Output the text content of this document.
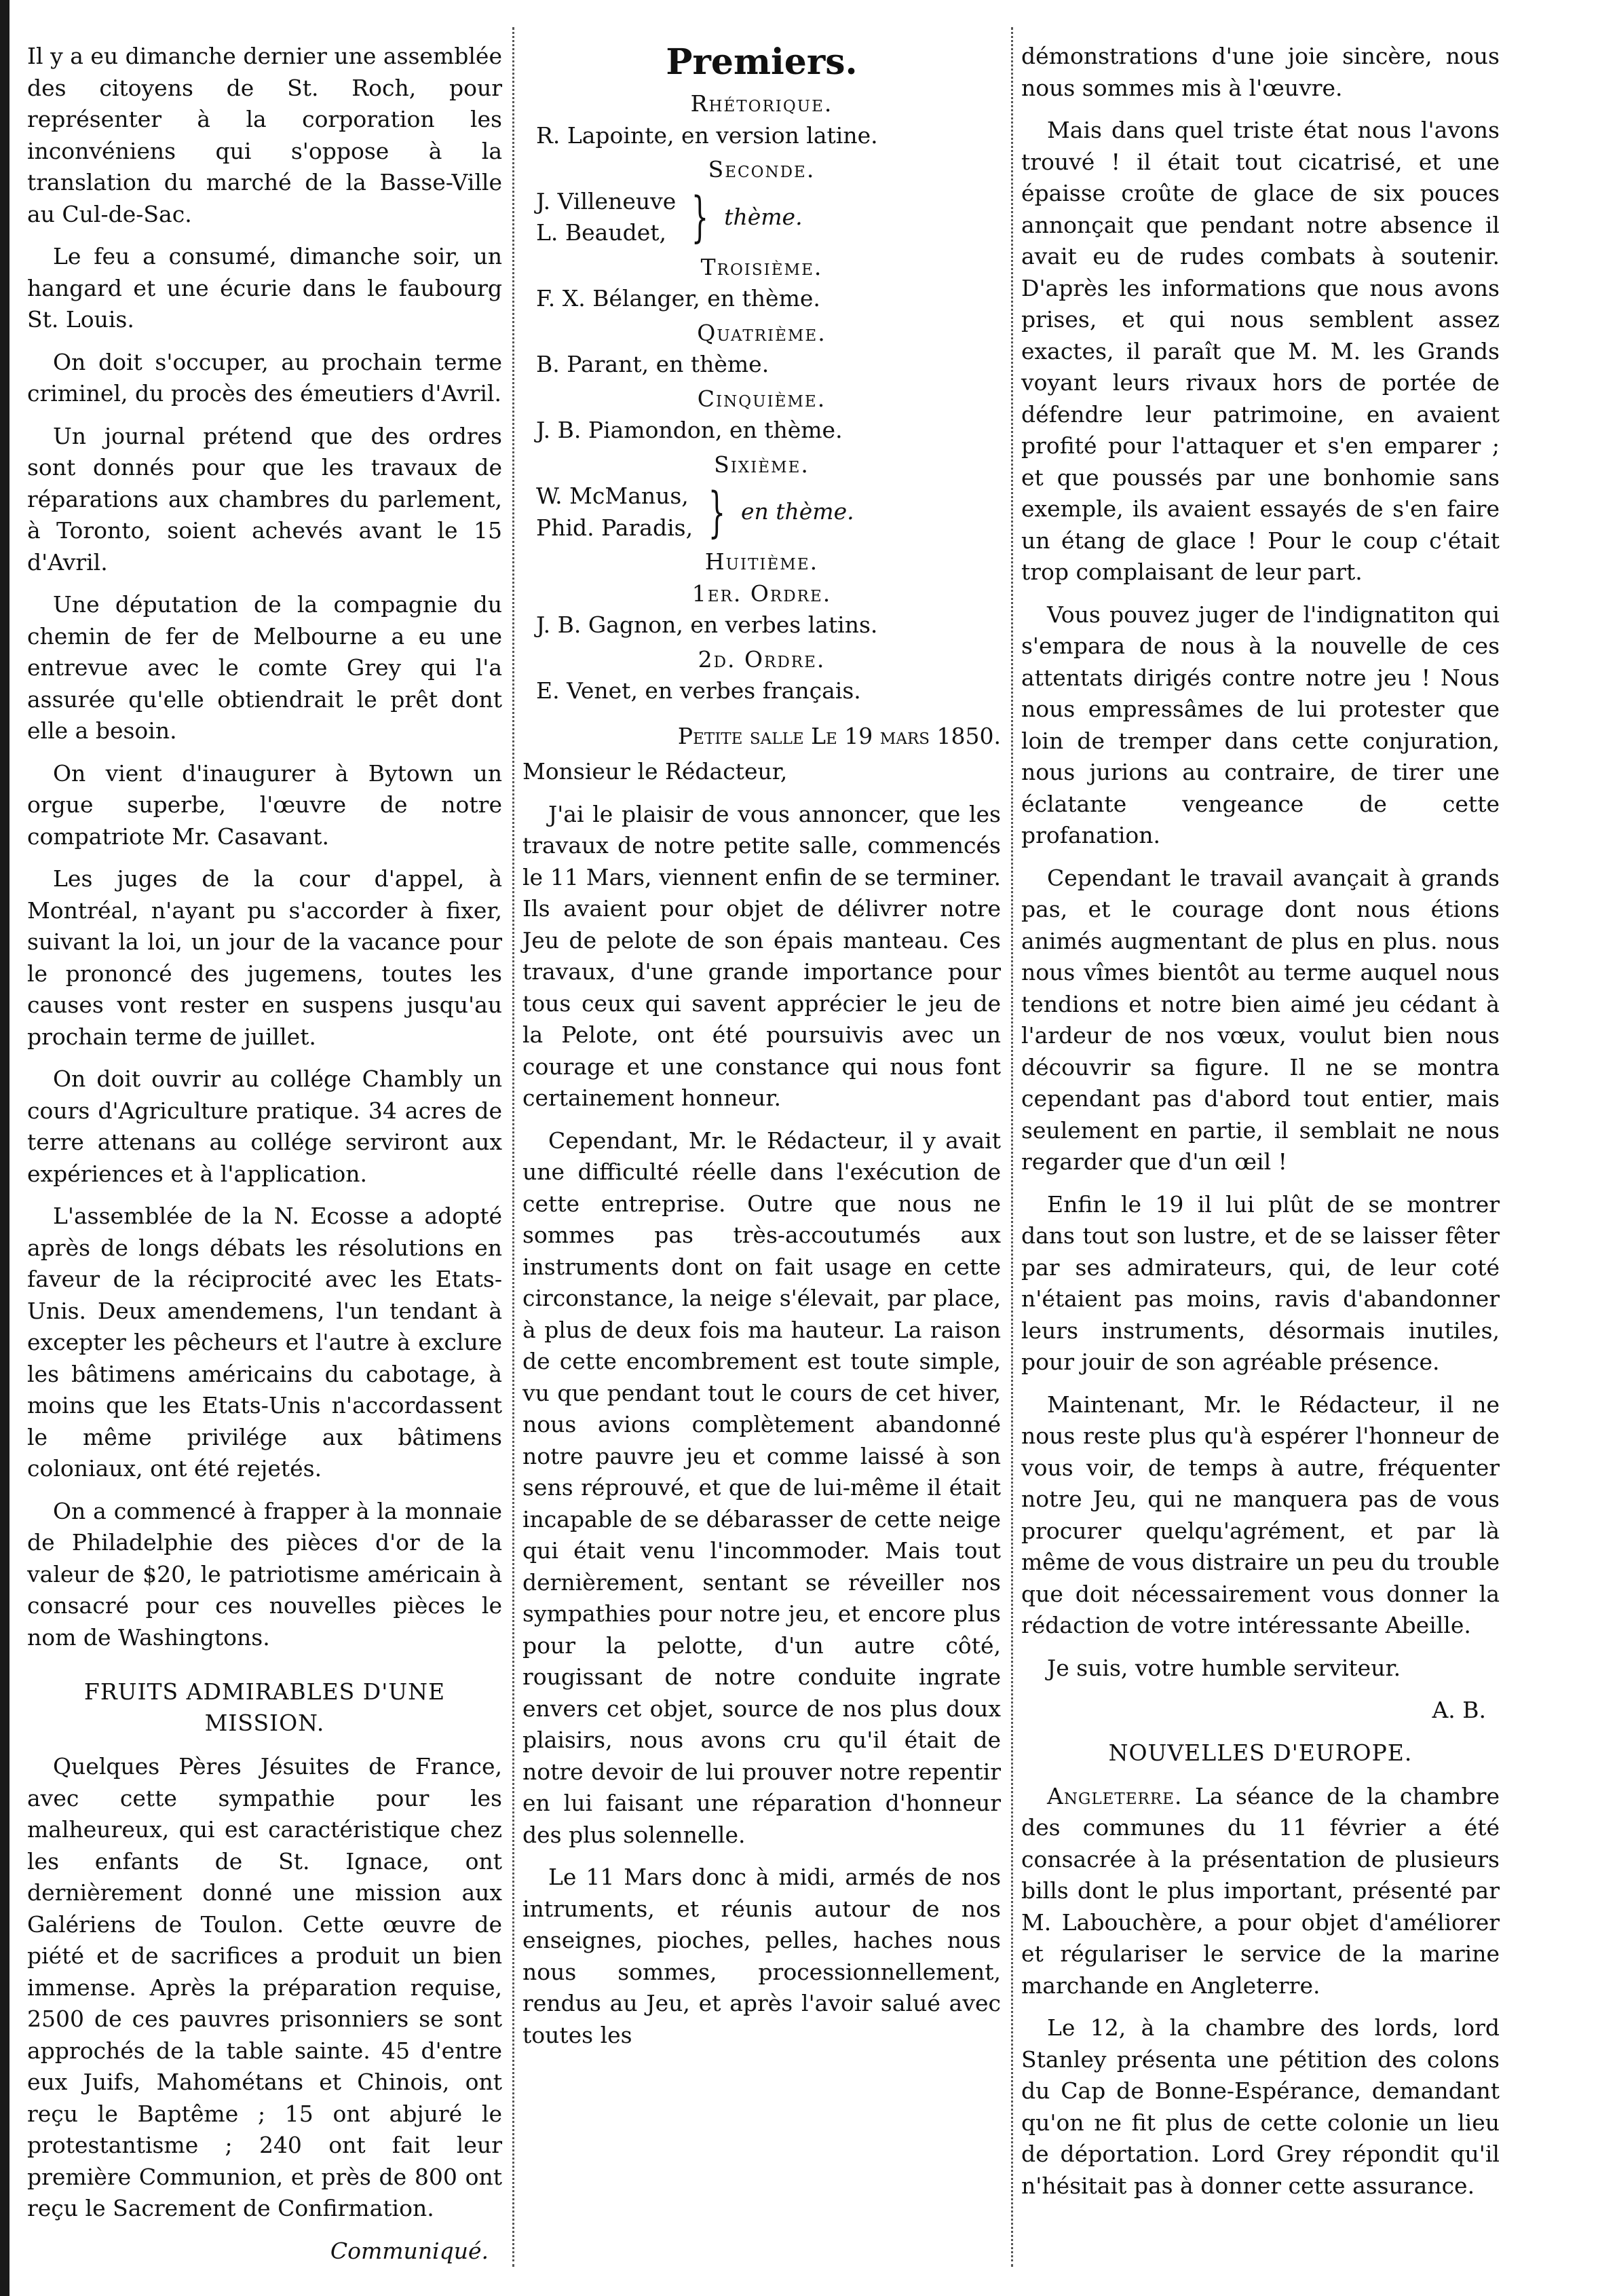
Il y a eu dimanche dernier une assemblée des citoyens de St. Roch, pour représenter à la corporation les inconvéniens qui s'oppose à la translation du marché de la Basse-Ville au Cul-de-Sac.

Le feu a consumé, dimanche soir, un hangard et une écurie dans le faubourg St. Louis.

On doit s'occuper, au prochain terme criminel, du procès des émeutiers d'Avril.

Un journal prétend que des ordres sont donnés pour que les travaux de réparations aux chambres du parlement, à Toronto, soient achevés avant le 15 d'Avril.

Une députation de la compagnie du chemin de fer de Melbourne a eu une entrevue avec le comte Grey qui l'a assurée qu'elle obtiendrait le prêt dont elle a besoin.

On vient d'inaugurer à Bytown un orgue superbe, l'œuvre de notre compatriote Mr. Casavant.

Les juges de la cour d'appel, à Montréal, n'ayant pu s'accorder à fixer, suivant la loi, un jour de la vacance pour le prononcé des jugemens, toutes les causes vont rester en suspens jusqu'au prochain terme de juillet.

On doit ouvrir au collége Chambly un cours d'Agriculture pratique. 34 acres de terre attenans au collége serviront aux expériences et à l'application.

L'assemblée de la N. Ecosse a adopté après de longs débats les résolutions en faveur de la réciprocité avec les Etats-Unis. Deux amendemens, l'un tendant à excepter les pêcheurs et l'autre à exclure les bâtimens américains du cabotage, à moins que les Etats-Unis n'accordassent le même privilége aux bâtimens coloniaux, ont été rejetés.

On a commencé à frapper à la monnaie de Philadelphie des pièces d'or de la valeur de $20, le patriotisme américain à consacré pour ces nouvelles pièces le nom de Washingtons.

FRUITS ADMIRABLES D'UNE MISSION.

Quelques Pères Jésuites de France, avec cette sympathie pour les malheureux, qui est caractéristique chez les enfants de St. Ignace, ont dernièrement donné une mission aux Galériens de Toulon. Cette œuvre de piété et de sacrifices a produit un bien immense. Après la préparation requise, 2500 de ces pauvres prisonniers se sont approchés de la table sainte. 45 d'entre eux Juifs, Mahométans et Chinois, ont reçu le Baptême ; 15 ont abjuré le protestantisme ; 240 ont fait leur première Communion, et près de 800 ont reçu le Sacrement de Confirmation.

Communiqué.
Premiers.
Rhétorique.
R. Lapointe, en version latine.
Seconde.
J. Villeneuve
L. Beaudet, } thème.
Troisième.
F. X. Bélanger, en thème.
Quatrième.
B. Parant, en thème.
Cinquième.
J. B. Piamondon, en thème.
Sixième.
W. McManus,
Phid. Paradis, } en thème.
Huitième.
1er. Ordre.
J. B. Gagnon, en verbes latins.
2d. Ordre.
E. Venet, en verbes français.
Petite salle Le 19 mars 1850.

Monsieur le Rédacteur,

J'ai le plaisir de vous annoncer, que les travaux de notre petite salle, commencés le 11 Mars, viennent enfin de se terminer. Ils avaient pour objet de délivrer notre Jeu de pelote de son épais manteau. Ces travaux, d'une grande importance pour tous ceux qui savent apprécier le jeu de la Pelote, ont été poursuivis avec un courage et une constance qui nous font certainement honneur.

Cependant, Mr. le Rédacteur, il y avait une difficulté réelle dans l'exécution de cette entreprise. Outre que nous ne sommes pas très-accoutumés aux instruments dont on fait usage en cette circonstance, la neige s'élevait, par place, à plus de deux fois ma hauteur. La raison de cette encombrement est toute simple, vu que pendant tout le cours de cet hiver, nous avions complètement abandonné notre pauvre jeu et comme laissé à son sens réprouvé, et que de lui-même il était incapable de se débarasser de cette neige qui était venu l'incommoder. Mais tout dernièrement, sentant se réveiller nos sympathies pour notre jeu, et encore plus pour la pelotte, d'un autre côté, rougissant de notre conduite ingrate envers cet objet, source de nos plus doux plaisirs, nous avons cru qu'il était de notre devoir de lui prouver notre repentir en lui faisant une réparation d'honneur des plus solennelle.

Le 11 Mars donc à midi, armés de nos intruments, et réunis autour de nos enseignes, pioches, pelles, haches nous nous sommes, processionnellement, rendus au Jeu, et après l'avoir salué avec toutes les

démonstrations d'une joie sincère, nous nous sommes mis à l'œuvre.

Mais dans quel triste état nous l'avons trouvé ! il était tout cicatrisé, et une épaisse croûte de glace de six pouces annonçait que pendant notre absence il avait eu de rudes combats à soutenir. D'après les informations que nous avons prises, et qui nous semblent assez exactes, il paraît que M. M. les Grands voyant leurs rivaux hors de portée de défendre leur patrimoine, en avaient profité pour l'attaquer et s'en emparer ; et que poussés par une bonhomie sans exemple, ils avaient essayés de s'en faire un étang de glace ! Pour le coup c'était trop complaisant de leur part.

Vous pouvez juger de l'indignatiton qui s'empara de nous à la nouvelle de ces attentats dirigés contre notre jeu ! Nous nous empressâmes de lui protester que loin de tremper dans cette conjuration, nous jurions au contraire, de tirer une éclatante vengeance de cette profanation.

Cependant le travail avançait à grands pas, et le courage dont nous étions animés augmentant de plus en plus. nous nous vîmes bientôt au terme auquel nous tendions et notre bien aimé jeu cédant à l'ardeur de nos vœux, voulut bien nous découvrir sa figure. Il ne se montra cependant pas d'abord tout entier, mais seulement en partie, il semblait ne nous regarder que d'un œil !

Enfin le 19 il lui plût de se montrer dans tout son lustre, et de se laisser fêter par ses admirateurs, qui, de leur coté n'étaient pas moins, ravis d'abandonner leurs instruments, désormais inutiles, pour jouir de son agréable présence.

Maintenant, Mr. le Rédacteur, il ne nous reste plus qu'à espérer l'honneur de vous voir, de temps à autre, fréquenter notre Jeu, qui ne manquera pas de vous procurer quelqu'agrément, et par là même de vous distraire un peu du trouble que doit nécessairement vous donner la rédaction de votre intéressante Abeille.

Je suis, votre humble serviteur.

A. B.
NOUVELLES D'EUROPE.

Angleterre. La séance de la chambre des communes du 11 février a été consacrée à la présentation de plusieurs bills dont le plus important, présenté par M. Labouchère, a pour objet d'améliorer et régulariser le service de la marine marchande en Angleterre.

Le 12, à la chambre des lords, lord Stanley présenta une pétition des colons du Cap de Bonne-Espérance, demandant qu'on ne fit plus de cette colonie un lieu de déportation. Lord Grey répondit qu'il n'hésitait pas à donner cette assurance.
